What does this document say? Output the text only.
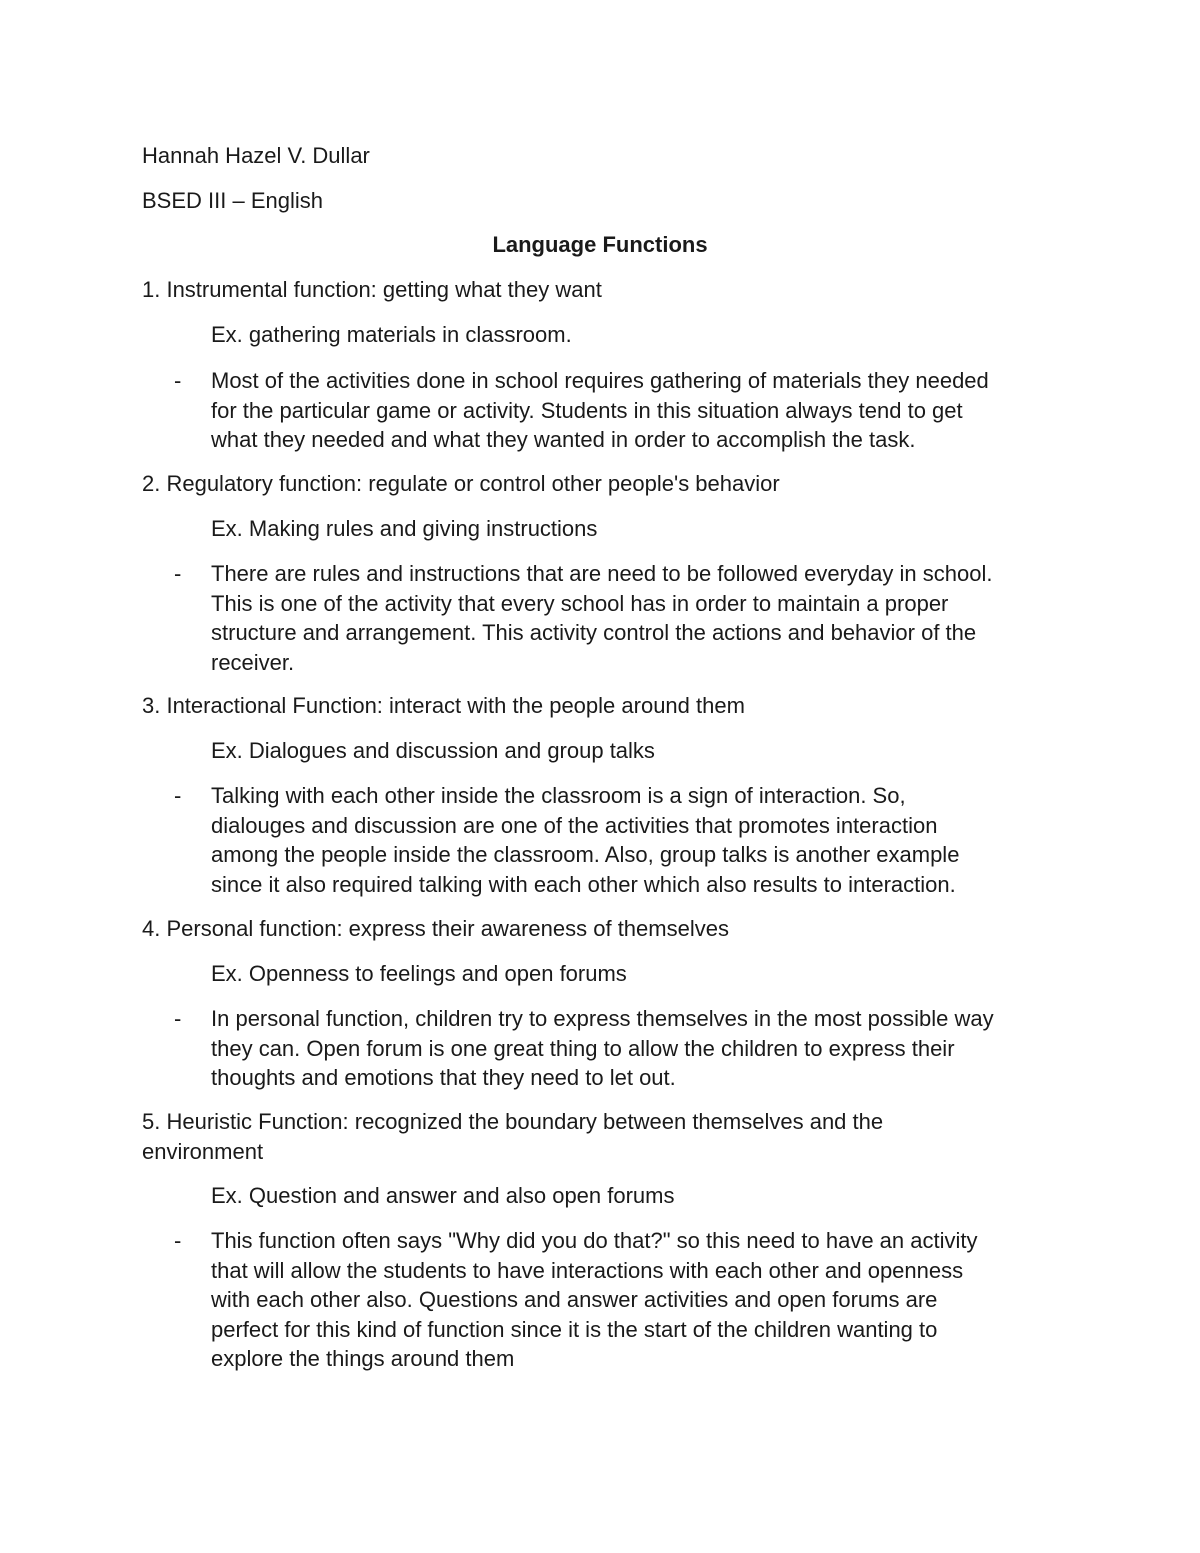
Hannah Hazel V. Dullar
BSED III – English
Language Functions
1. Instrumental function: getting what they want
Ex. gathering materials in classroom.
- Most of the activities done in school requires gathering of materials they needed
for the particular game or activity. Students in this situation always tend to get
what they needed and what they wanted in order to accomplish the task.
2. Regulatory function: regulate or control other people's behavior
Ex. Making rules and giving instructions
- There are rules and instructions that are need to be followed everyday in school.
This is one of the activity that every school has in order to maintain a proper
structure and arrangement. This activity control the actions and behavior of the
receiver.
3. Interactional Function: interact with the people around them
Ex. Dialogues and discussion and group talks
- Talking with each other inside the classroom is a sign of interaction. So,
dialouges and discussion are one of the activities that promotes interaction
among the people inside the classroom. Also, group talks is another example
since it also required talking with each other which also results to interaction.
4. Personal function: express their awareness of themselves
Ex. Openness to feelings and open forums
- In personal function, children try to express themselves in the most possible way
they can. Open forum is one great thing to allow the children to express their
thoughts and emotions that they need to let out.
5. Heuristic Function: recognized the boundary between themselves and the
environment
Ex. Question and answer and also open forums
- This function often says "Why did you do that?" so this need to have an activity
that will allow the students to have interactions with each other and openness
with each other also. Questions and answer activities and open forums are
perfect for this kind of function since it is the start of the children wanting to
explore the things around them
